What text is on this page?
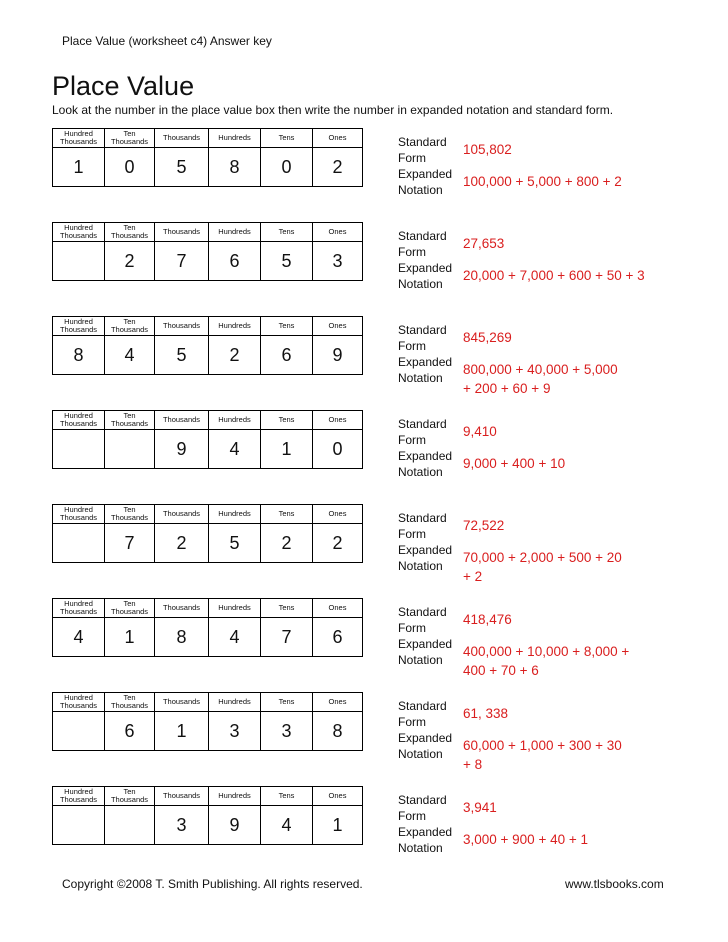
Place Value (worksheet c4) Answer key
Place Value
Look at the number in the place value box then write the number in expanded notation and standard form.
Hundred Thousands	Ten Thousands	Thousands	Hundreds	Tens	Ones
1	0	5	8	0	2
Standard
Form
Expanded
Notation
105,802
100,000 + 5,000 + 800 + 2
Hundred Thousands	Ten Thousands	Thousands	Hundreds	Tens	Ones
	2	7	6	5	3
Standard
Form
Expanded
Notation
27,653
20,000 + 7,000 + 600 + 50 + 3
Hundred Thousands	Ten Thousands	Thousands	Hundreds	Tens	Ones
8	4	5	2	6	9
Standard
Form
Expanded
Notation
845,269
800,000 + 40,000 + 5,000
+ 200 + 60 + 9
Hundred Thousands	Ten Thousands	Thousands	Hundreds	Tens	Ones
		9	4	1	0
Standard
Form
Expanded
Notation
9,410
9,000 + 400 + 10
Hundred Thousands	Ten Thousands	Thousands	Hundreds	Tens	Ones
	7	2	5	2	2
Standard
Form
Expanded
Notation
72,522
70,000 + 2,000 + 500 + 20
+ 2
Hundred Thousands	Ten Thousands	Thousands	Hundreds	Tens	Ones
4	1	8	4	7	6
Standard
Form
Expanded
Notation
418,476
400,000 + 10,000 + 8,000 +
400 + 70 + 6
Hundred Thousands	Ten Thousands	Thousands	Hundreds	Tens	Ones
	6	1	3	3	8
Standard
Form
Expanded
Notation
61, 338
60,000 + 1,000 + 300 + 30
+ 8
Hundred Thousands	Ten Thousands	Thousands	Hundreds	Tens	Ones
		3	9	4	1
Standard
Form
Expanded
Notation
3,941
3,000 + 900 + 40 + 1
Copyright ©2008 T. Smith Publishing. All rights reserved.	www.tlsbooks.com
